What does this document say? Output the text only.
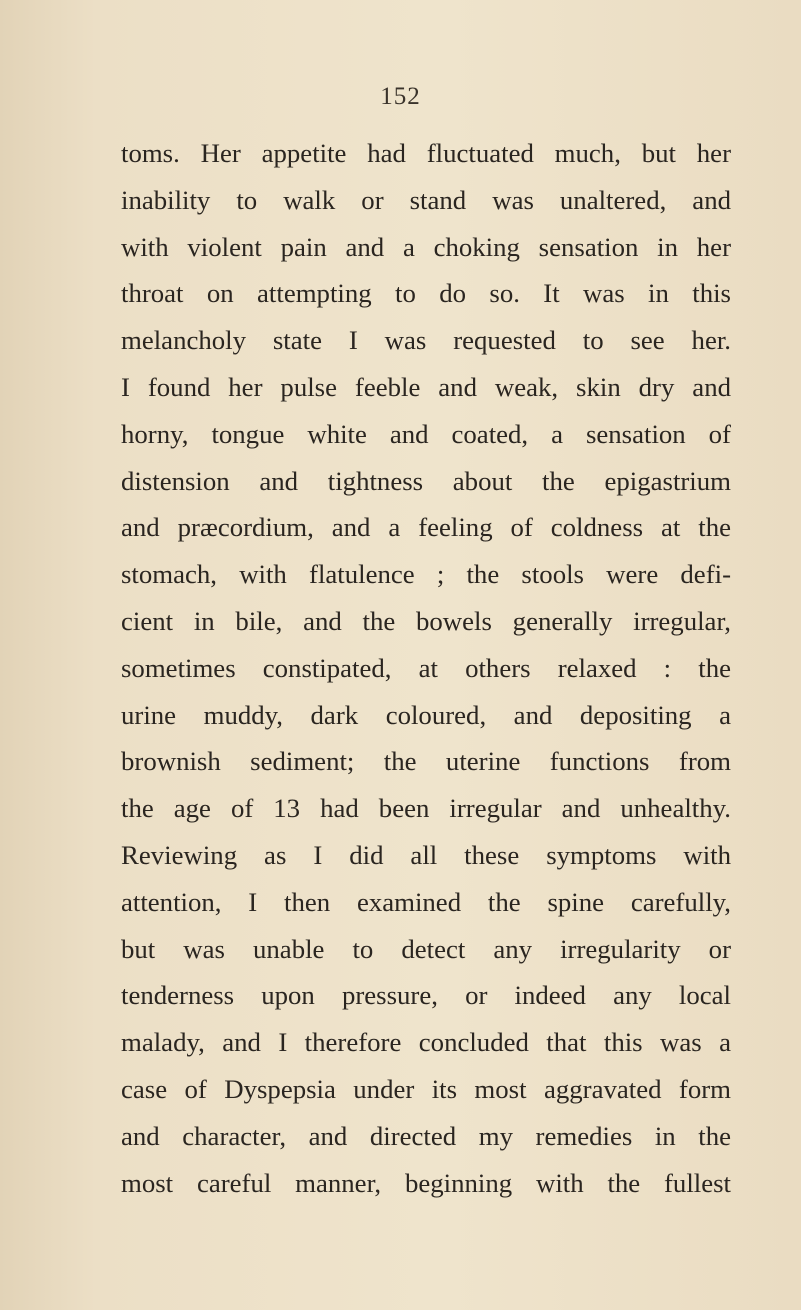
152
toms. Her appetite had fluctuated much, but her
inability to walk or stand was unaltered, and
with violent pain and a choking sensation in her
throat on attempting to do so. It was in this
melancholy state I was requested to see her.
I found her pulse feeble and weak, skin dry and
horny, tongue white and coated, a sensation of
distension and tightness about the epigastrium
and præcordium, and a feeling of coldness at the
stomach, with flatulence ; the stools were defi-
cient in bile, and the bowels generally irregular,
sometimes constipated, at others relaxed : the
urine muddy, dark coloured, and depositing a
brownish sediment; the uterine functions from
the age of 13 had been irregular and unhealthy.
Reviewing as I did all these symptoms with
attention, I then examined the spine carefully,
but was unable to detect any irregularity or
tenderness upon pressure, or indeed any local
malady, and I therefore concluded that this was a
case of Dyspepsia under its most aggravated form
and character, and directed my remedies in the
most careful manner, beginning with the fullest
